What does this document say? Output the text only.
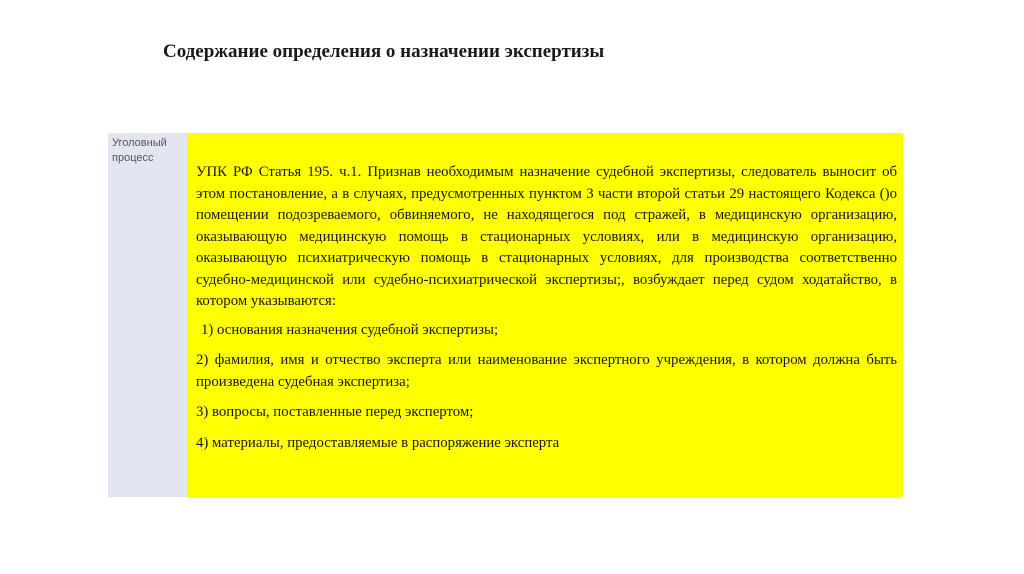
Содержание определения о назначении экспертизы
Уголовный процесс

УПК РФ Статья 195. ч.1. Признав необходимым назначение судебной экспертизы, следователь выносит об этом постановление, а в случаях, предусмотренных пунктом 3 части второй статьи 29 настоящего Кодекса ()о помещении подозреваемого, обвиняемого, не находящегося под стражей, в медицинскую организацию, оказывающую медицинскую помощь в стационарных условиях, или в медицинскую организацию, оказывающую психиатрическую помощь в стационарных условиях, для производства соответственно судебно-медицинской или судебно-психиатрической экспертизы;, возбуждает перед судом ходатайство, в котором указываются:

1) основания назначения судебной экспертизы;

2) фамилия, имя и отчество эксперта или наименование экспертного учреждения, в котором должна быть произведена судебная экспертиза;

3) вопросы, поставленные перед экспертом;

4) материалы, предоставляемые в распоряжение эксперта
